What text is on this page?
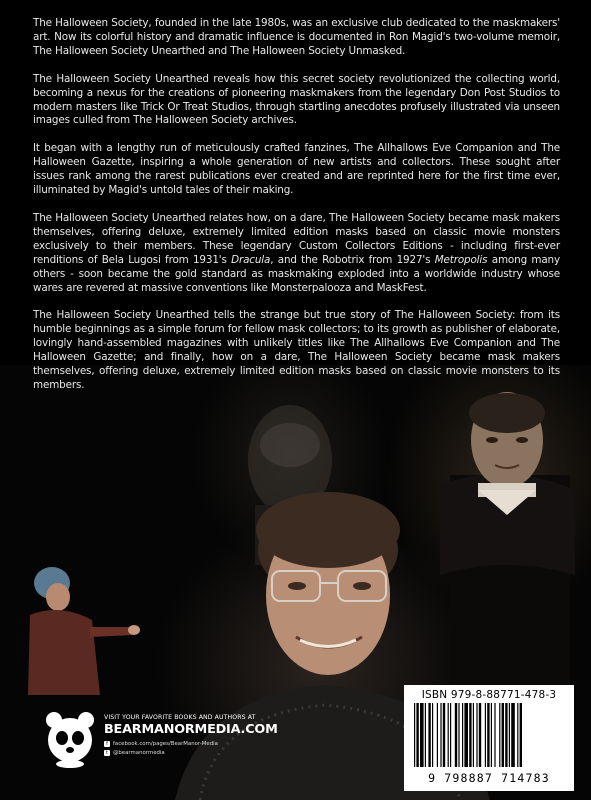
The Halloween Society, founded in the late 1980s, was an exclusive club dedicated to the maskmakers' art. Now its colorful history and dramatic influence is documented in Ron Magid's two-volume memoir, The Halloween Society Unearthed and The Halloween Society Unmasked.

The Halloween Society Unearthed reveals how this secret society revolutionized the collecting world, becoming a nexus for the creations of pioneering maskmakers from the legendary Don Post Studios to modern masters like Trick Or Treat Studios, through startling anecdotes profusely illustrated via unseen images culled from The Halloween Society archives.

It began with a lengthy run of meticulously crafted fanzines, The Allhallows Eve Companion and The Halloween Gazette, inspiring a whole generation of new artists and collectors. These sought after issues rank among the rarest publications ever created and are reprinted here for the first time ever, illuminated by Magid's untold tales of their making.

The Halloween Society Unearthed relates how, on a dare, The Halloween Society became mask makers themselves, offering deluxe, extremely limited edition masks based on classic movie monsters exclusively to their members. These legendary Custom Collectors Editions - including first-ever renditions of Bela Lugosi from 1931's Dracula, and the Robotrix from 1927's Metropolis among many others - soon became the gold standard as maskmaking exploded into a worldwide industry whose wares are revered at massive conventions like Monsterpalooza and MaskFest.

The Halloween Society Unearthed tells the strange but true story of The Halloween Society: from its humble beginnings as a simple forum for fellow mask collectors; to its growth as publisher of elaborate, lovingly hand-assembled magazines with unlikely titles like The Allhallows Eve Companion and The Halloween Gazette; and finally, how on a dare, The Halloween Society became mask makers themselves, offering deluxe, extremely limited edition masks based on classic movie monsters to its members.

VISIT YOUR FAVORITE BOOKS AND AUTHORS AT
BEARMANORMEDIA.COM
f facebook.com/pages/BearManor-Media
t @bearmanormedia
ISBN 979-8-88771-478-3
9 798887 714783
